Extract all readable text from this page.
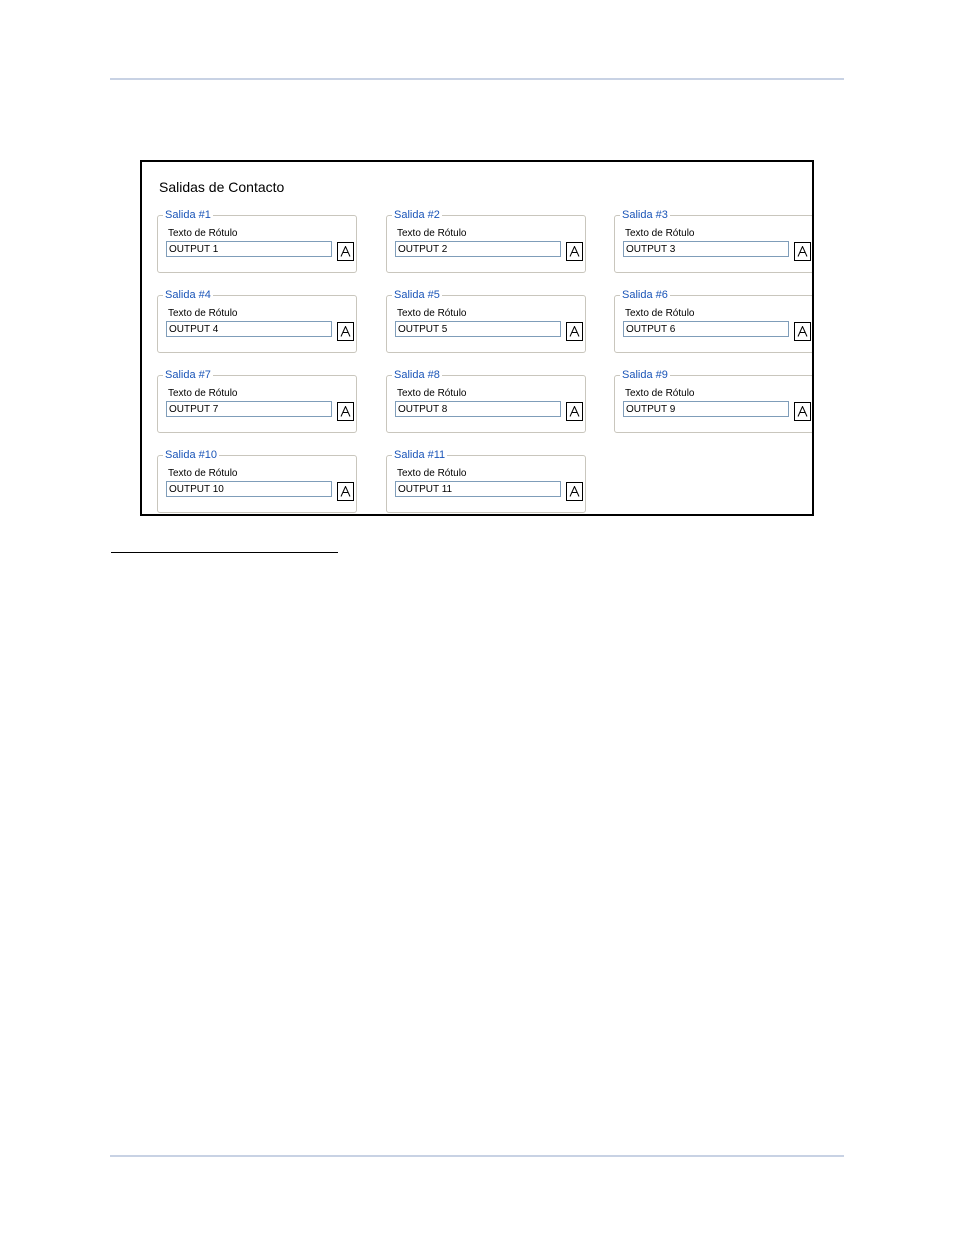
Salidas de Contacto
Salida #1
Texto de Rótulo
OUTPUT 1
Salida #2
Texto de Rótulo
OUTPUT 2
Salida #3
Texto de Rótulo
OUTPUT 3
Salida #4
Texto de Rótulo
OUTPUT 4
Salida #5
Texto de Rótulo
OUTPUT 5
Salida #6
Texto de Rótulo
OUTPUT 6
Salida #7
Texto de Rótulo
OUTPUT 7
Salida #8
Texto de Rótulo
OUTPUT 8
Salida #9
Texto de Rótulo
OUTPUT 9
Salida #10
Texto de Rótulo
OUTPUT 10
Salida #11
Texto de Rótulo
OUTPUT 11
